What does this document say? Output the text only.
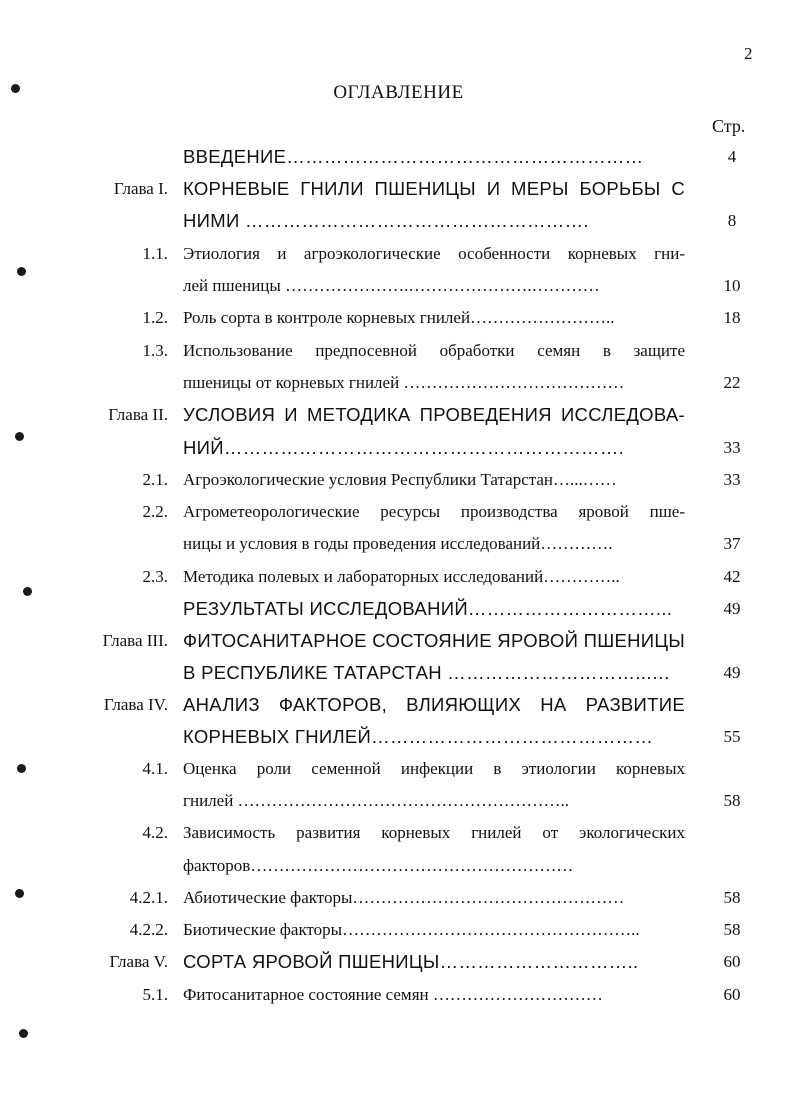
2
ОГЛАВЛЕНИЕ
Стр.
ВВЕДЕНИЕ…………………………………………………	4
Глава I. КОРНЕВЫЕ ГНИЛИ ПШЕНИЦЫ И МЕРЫ БОРЬБЫ С
НИМИ ……………………………………………….	8
1.1. Этиология и агроэкологические особенности корневых гни-
лей пшеницы ………………….………………….…………	10
1.2. Роль сорта в контроле корневых гнилей……………………..	18
1.3. Использование предпосевной обработки семян в защите
пшеницы от корневых гнилей …………………………………	22
Глава II. УСЛОВИЯ И МЕТОДИКА ПРОВЕДЕНИЯ ИССЛЕДОВА-
НИЙ……………………………………………………….	33
2.1. Агроэкологические условия Республики Татарстан…...……	33
2.2. Агрометеорологические ресурсы производства яровой пше-
ницы и условия в годы проведения исследований………….	37
2.3. Методика полевых и лабораторных исследований…………..	42
РЕЗУЛЬТАТЫ ИССЛЕДОВАНИЙ…………………………...	49
Глава III. ФИТОСАНИТАРНОЕ СОСТОЯНИЕ ЯРОВОЙ ПШЕНИЦЫ
В РЕСПУБЛИКЕ ТАТАРСТАН …………………………...…	49
Глава IV. АНАЛИЗ ФАКТОРОВ, ВЛИЯЮЩИХ НА РАЗВИТИЕ
КОРНЕВЫХ ГНИЛЕЙ………………………………………	55
4.1. Оценка роли семенной инфекции в этиологии корневых
гнилей …………………………………………………..	58
4.2. Зависимость развития корневых гнилей от экологических
факторов…………………………………………………
4.2.1. Абиотические факторы…………………………………………	58
4.2.2. Биотические факторы……………………………………………..	58
Глава V. СОРТА ЯРОВОЙ ПШЕНИЦЫ…………………………..	60
5.1. Фитосанитарное состояние семян …………………………	60
